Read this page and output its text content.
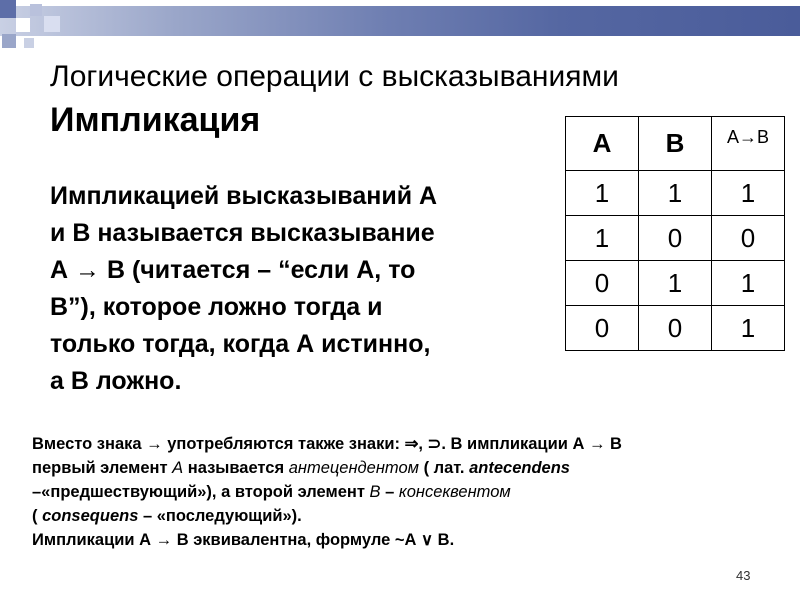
Логические операции с высказываниями
Импликация
Импликацией высказываний А
и В называется высказывание
А → В (читается – “если А, то
В”), которое ложно тогда и
только тогда, когда А истинно,
а В ложно.
A	B	A→B
1	1	1
1	0	0
0	1	1
0	0	1
Вместо знака → употребляются также знаки: ⇒, ⊃. В импликации А → В
первый элемент А называется антецендентом ( лат. antecendens
–«предшествующий»), а второй элемент В – консеквентом
( consequens – «последующий»).
Импликации А → В эквивалентна, формуле ~А ∨ В.
43
